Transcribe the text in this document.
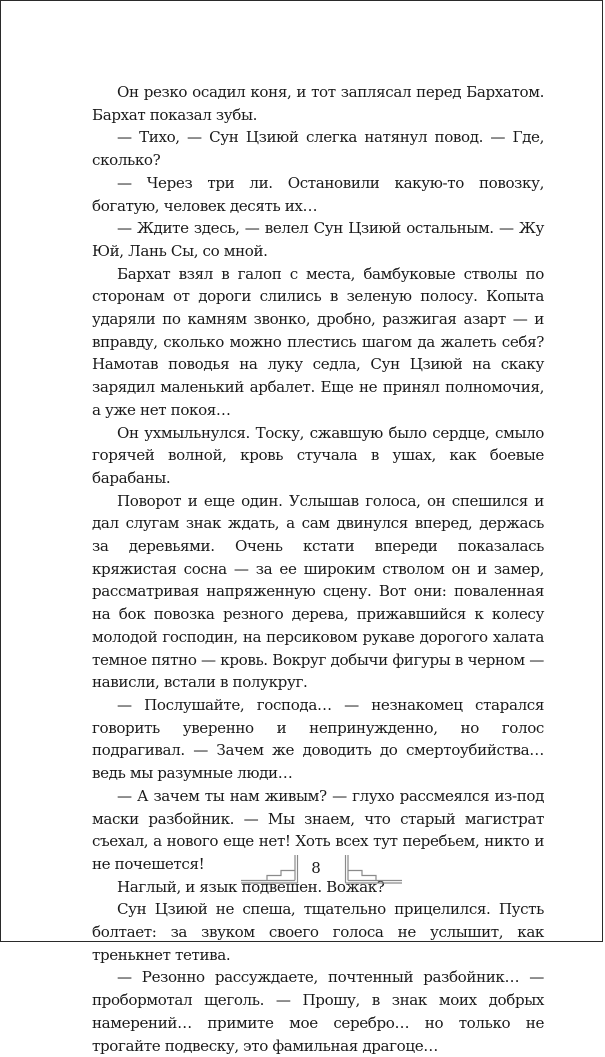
Он резко осадил коня, и тот заплясал перед Бархатом. Бархат показал зубы.

— Тихо, — Сун Цзиюй слегка натянул повод. — Где, сколько?

— Через три ли. Остановили какую-то повозку, богатую, человек десять их…

— Ждите здесь, — велел Сун Цзиюй остальным. — Жу Юй, Лань Сы, со мной.

Бархат взял в галоп с места, бамбуковые стволы по сторонам от дороги слились в зеленую полосу. Копыта ударяли по камням звонко, дробно, разжигая азарт — и вправду, сколько можно плестись шагом да жалеть себя? Намотав поводья на луку седла, Сун Цзиюй на скаку зарядил маленький арбалет. Еще не принял полномочия, а уже нет покоя…

Он ухмыльнулся. Тоску, сжавшую было сердце, смыло горячей волной, кровь стучала в ушах, как боевые барабаны.

Поворот и еще один. Услышав голоса, он спешился и дал слугам знак ждать, а сам двинулся вперед, держась за деревьями. Очень кстати впереди показалась кряжистая сосна — за ее широким стволом он и замер, рассматривая напряженную сцену. Вот они: поваленная на бок повозка резного дерева, прижавшийся к колесу молодой господин, на персиковом рукаве дорогого халата темное пятно — кровь. Вокруг добычи фигуры в черном — нависли, встали в полукруг.

— Послушайте, господа… — незнакомец старался говорить уверенно и непринужденно, но голос подрагивал. — Зачем же доводить до смертоубийства… ведь мы разумные люди…

— А зачем ты нам живым? — глухо рассмеялся из-под маски разбойник. — Мы знаем, что старый магистрат съехал, а нового еще нет! Хоть всех тут перебьем, никто и не почешется!

Наглый, и язык подвешен. Вожак?

Сун Цзиюй не спеша, тщательно прицелился. Пусть болтает: за звуком своего голоса не услышит, как тренькнет тетива.

— Резонно рассуждаете, почтенный разбойник… — пробормотал щеголь. — Прошу, в знак моих добрых намерений… примите мое серебро… но только не трогайте подвеску, это фамильная драгоце…

8
